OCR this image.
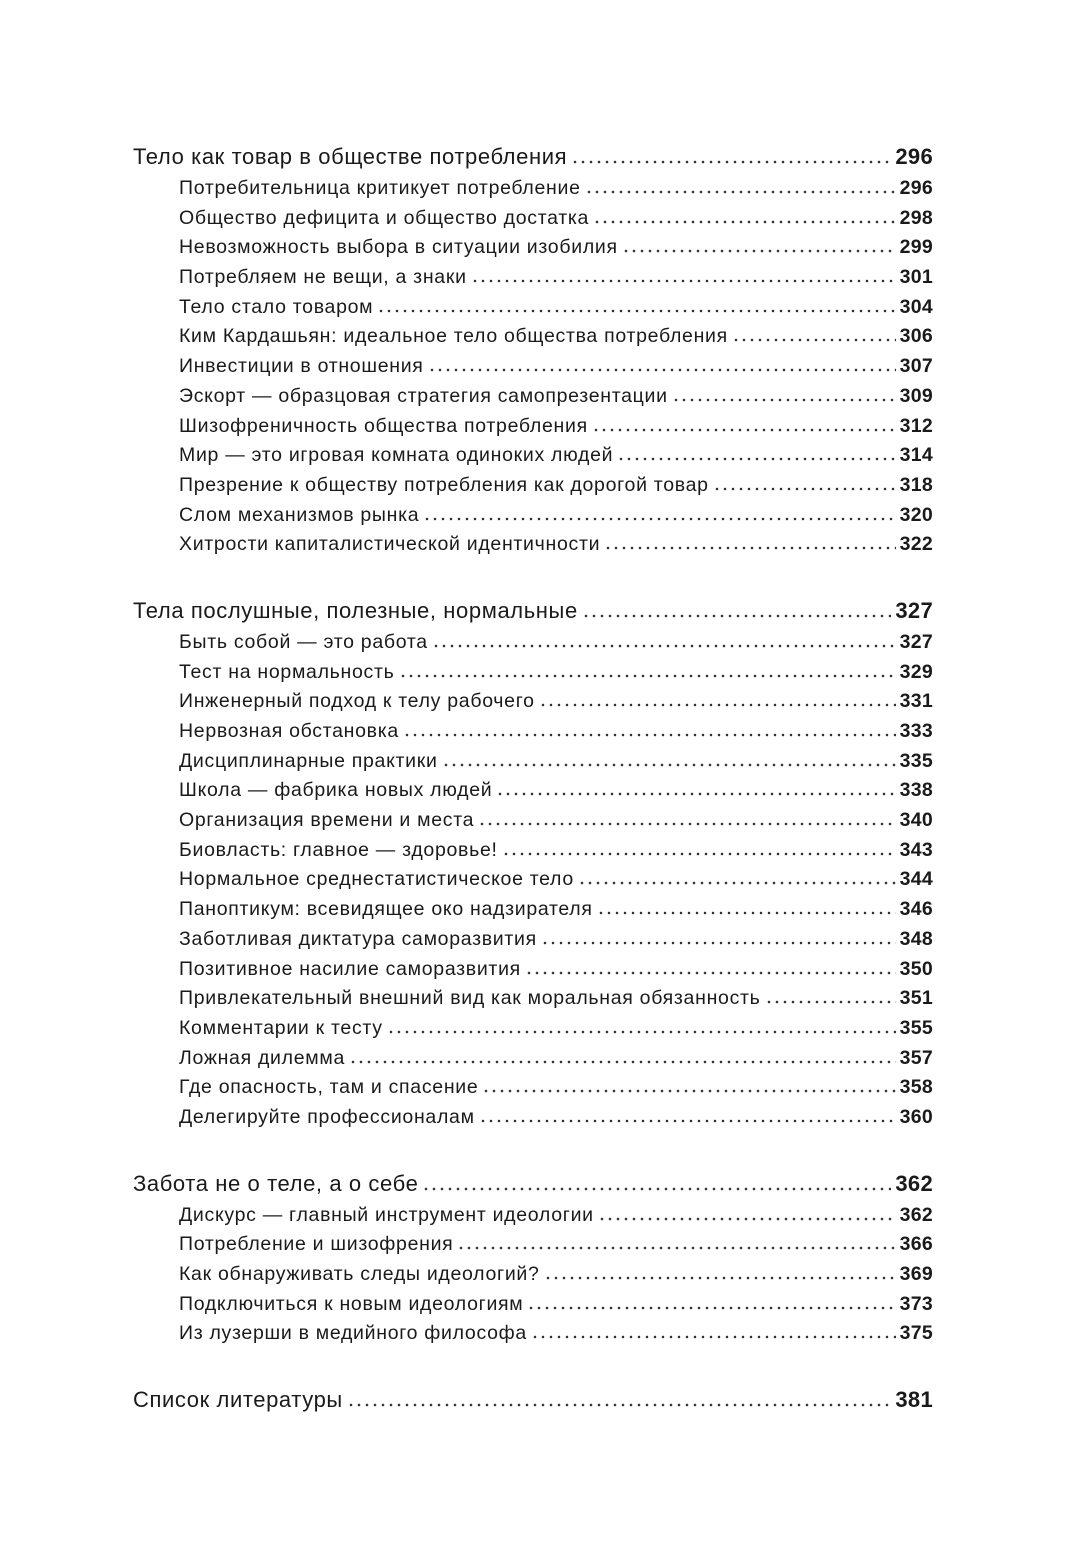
Тело как товар в обществе потребления	296
Потребительница критикует потребление	296
Общество дефицита и общество достатка	298
Невозможность выбора в ситуации изобилия	299
Потребляем не вещи, а знаки	301
Тело стало товаром	304
Ким Кардашьян: идеальное тело общества потребления	306
Инвестиции в отношения	307
Эскорт — образцовая стратегия самопрезентации	309
Шизофреничность общества потребления	312
Мир — это игровая комната одиноких людей	314
Презрение к обществу потребления как дорогой товар	318
Слом механизмов рынка	320
Хитрости капиталистической идентичности	322
Тела послушные, полезные, нормальные	327
Быть собой — это работа	327
Тест на нормальность	329
Инженерный подход к телу рабочего	331
Нервозная обстановка	333
Дисциплинарные практики	335
Школа — фабрика новых людей	338
Организация времени и места	340
Биовласть: главное — здоровье!	343
Нормальное среднестатистическое тело	344
Паноптикум: всевидящее око надзирателя	346
Заботливая диктатура саморазвития	348
Позитивное насилие саморазвития	350
Привлекательный внешний вид как моральная обязанность	351
Комментарии к тесту	355
Ложная дилемма	357
Где опасность, там и спасение	358
Делегируйте профессионалам	360
Забота не о теле, а о себе	362
Дискурс — главный инструмент идеологии	362
Потребление и шизофрения	366
Как обнаруживать следы идеологий?	369
Подключиться к новым идеологиям	373
Из лузерши в медийного философа	375
Список литературы	381
